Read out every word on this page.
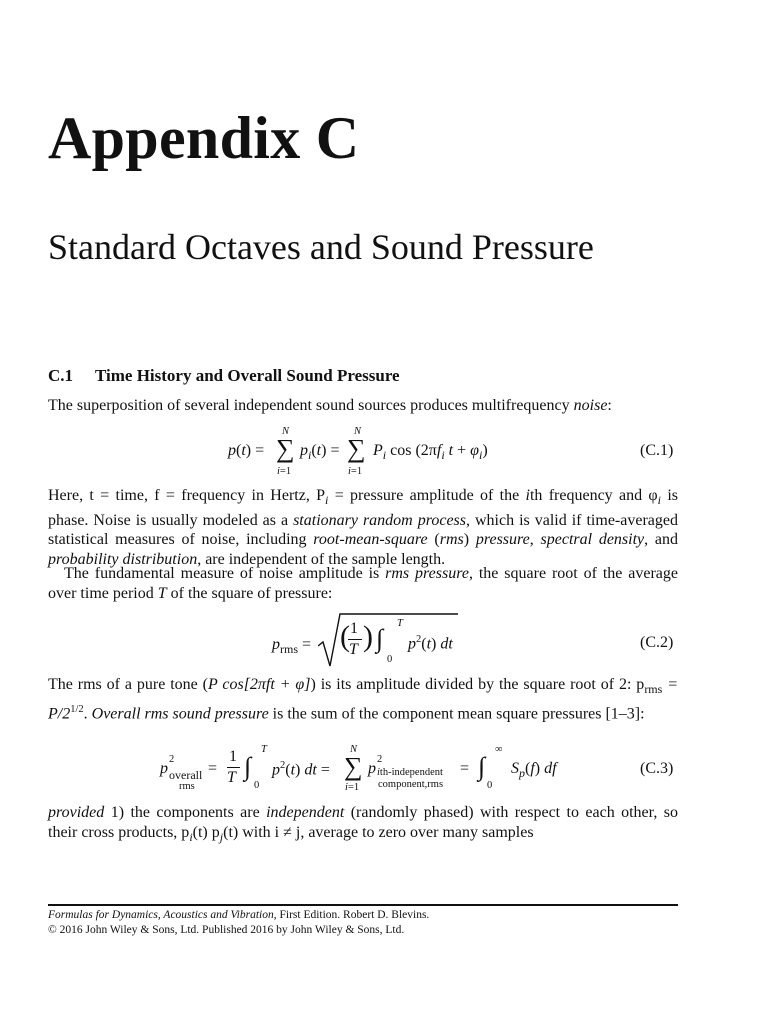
Appendix C
Standard Octaves and Sound Pressure
C.1 Time History and Overall Sound Pressure

The superposition of several independent sound sources produces multifrequency noise:

p(t) =
N
∑
i=1
$p_i(t)$ =
N
∑
i=1
$P_i$ $\cos (2\pi f_i$ $t + \varphi_i$)	(C.1)

Here, t = time, f = frequency in Hertz, $P_i$ = pressure amplitude of the ith frequency and $\varphi_i$ is phase. Noise is usually modeled as a stationary random process, which is valid if time-averaged statistical measures of noise, including root-mean-square (rms) pressure, spectral density, and probability distribution, are independent of the sample length.

The fundamental measure of noise amplitude is rms pressure, the square root of the average over time period T of the square of pressure:

$p_{rms}$ = ( 1
T ) ∫
T
0
$p^2(t)$ dt	(C.2)

The rms of a pure tone (P cos[2πft + φ]) is its amplitude divided by the square root of 2: $p_{rms} = P/2^{1/2}$. Overall rms sound pressure is the sum of the component mean square pressures [1–3]:

p
2
overall
rms
=
1
T ∫
T
0
$p^2(t)$ dt =
N
∑
i=1
p
2
ith-independent
component,rms
= ∫
∞
0
$S_p(f)$ df	(C.3)

provided 1) the components are independent (randomly phased) with respect to each other, so their cross products, $p_i(t)$ $p_j(t)$ with i ≠ j, average to zero over many samples

Formulas for Dynamics, Acoustics and Vibration, First Edition. Robert D. Blevins.
© 2016 John Wiley & Sons, Ltd. Published 2016 by John Wiley & Sons, Ltd.
